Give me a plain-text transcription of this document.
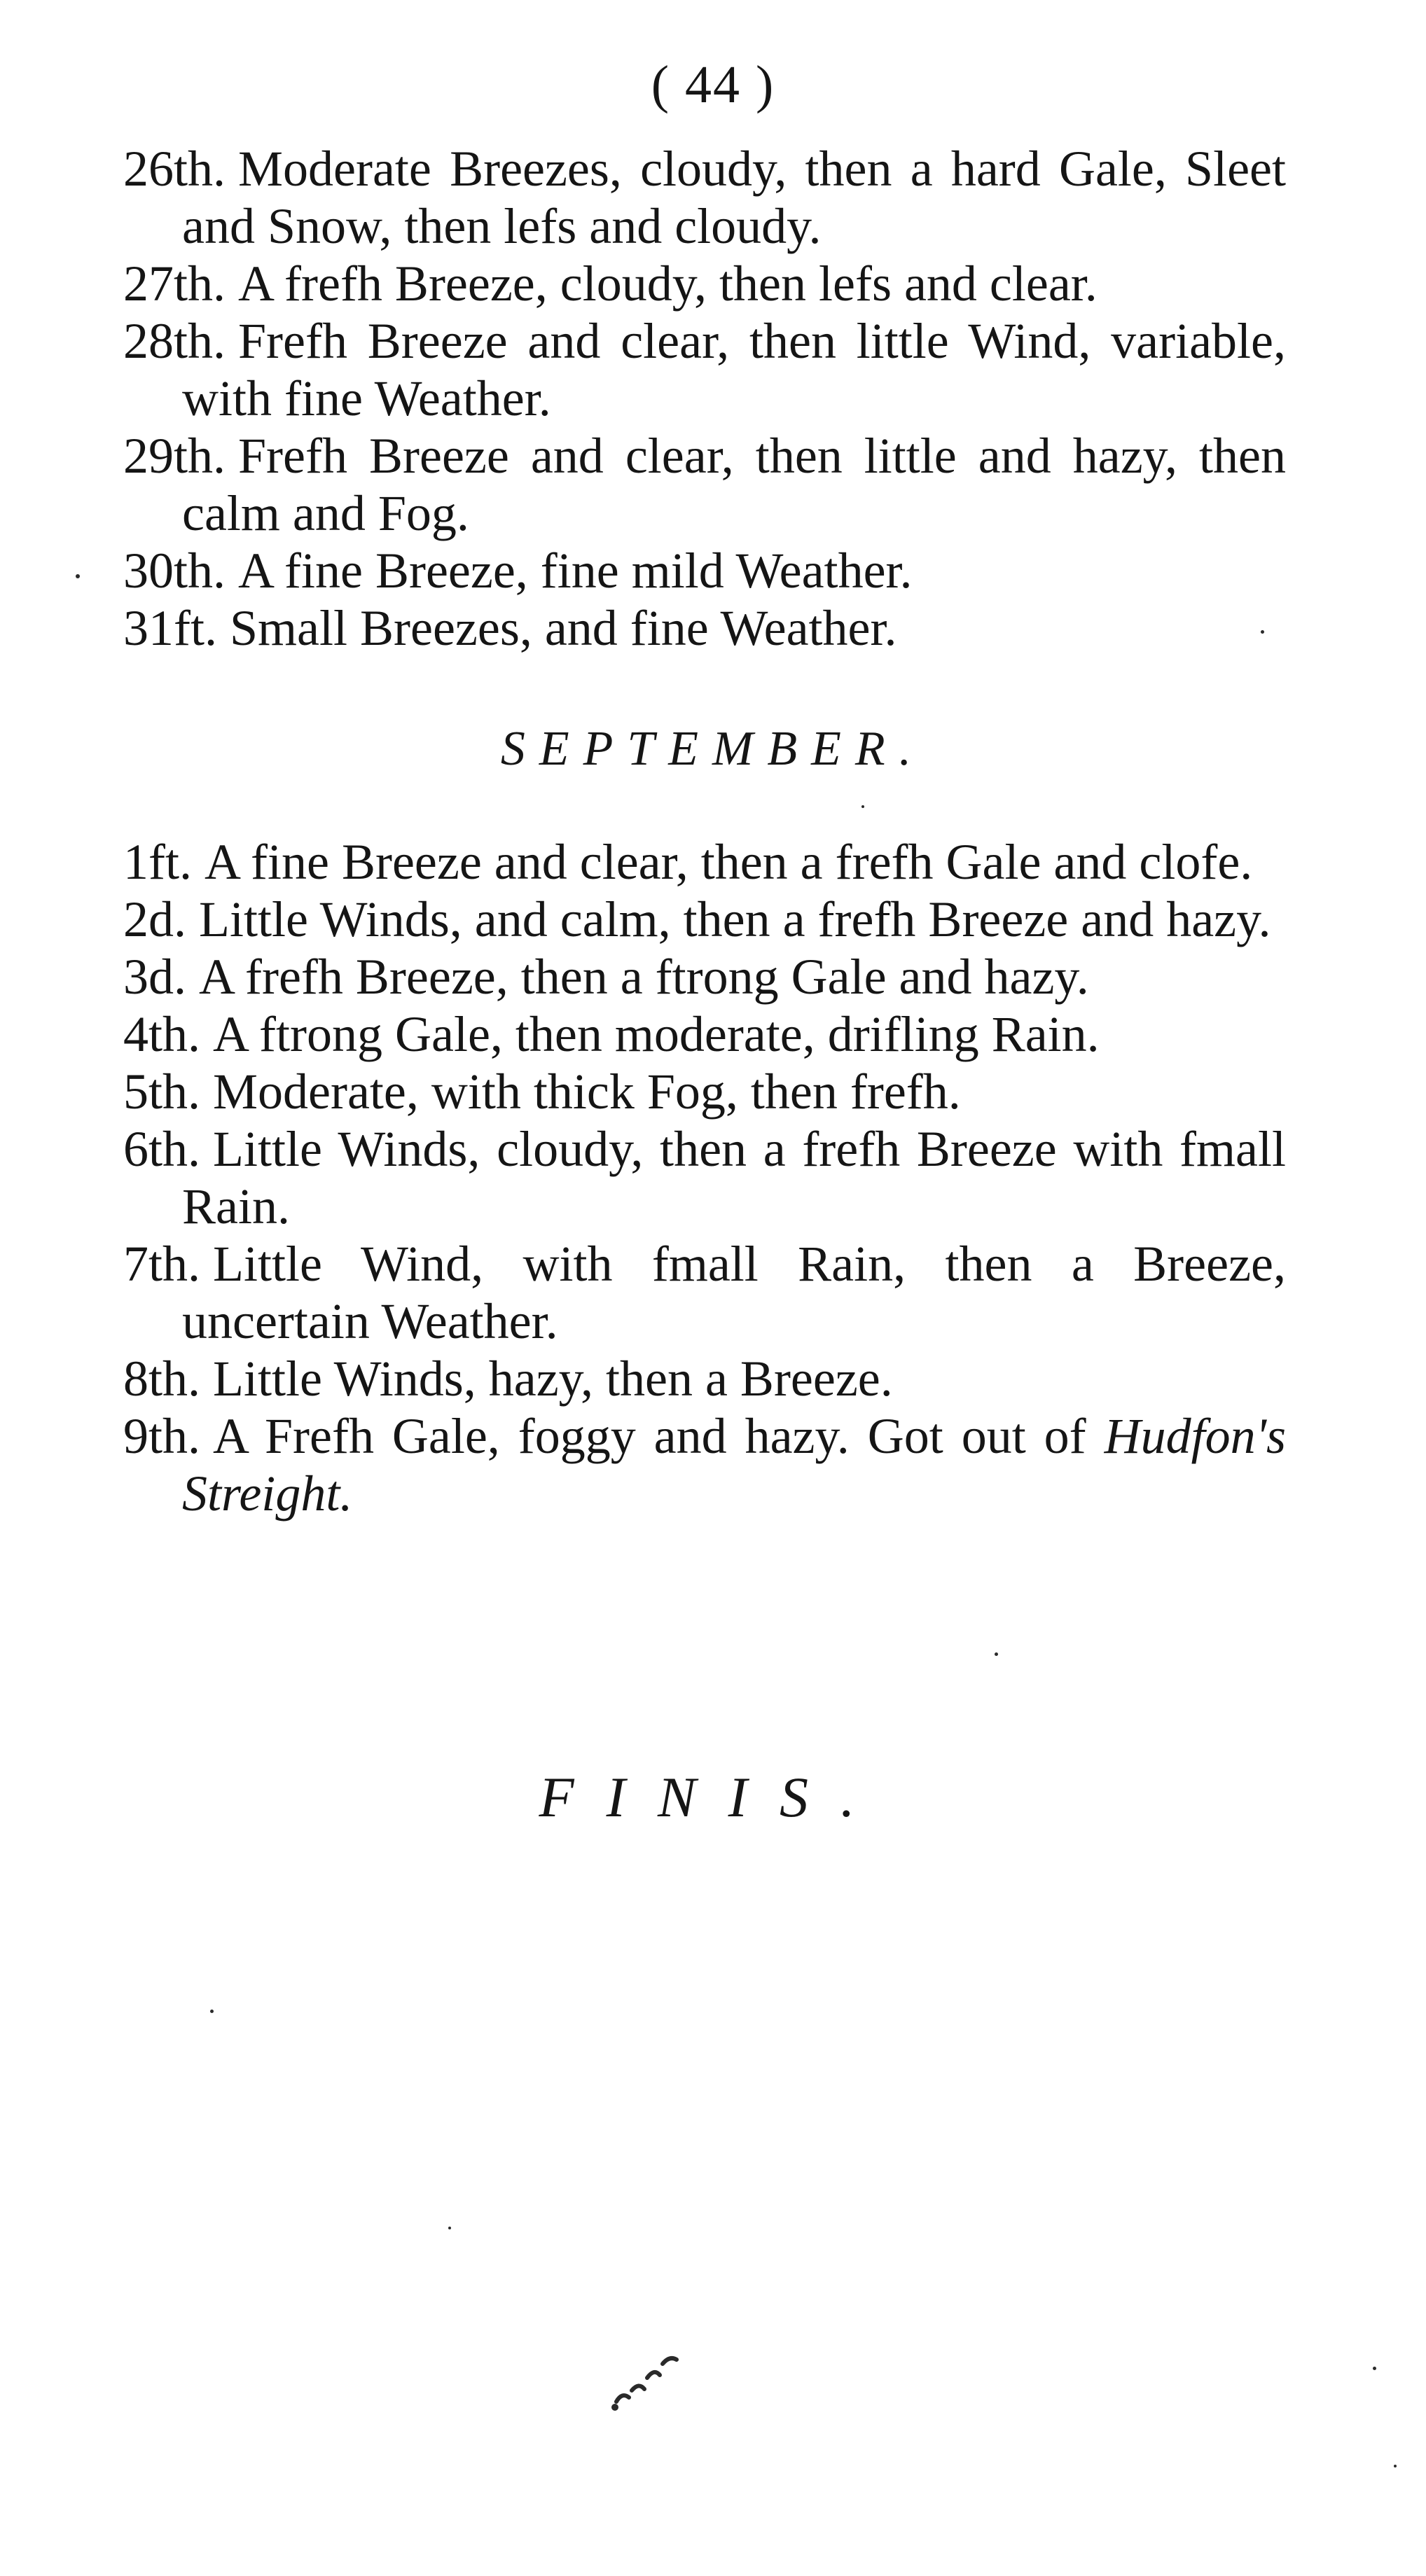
( 44 )

26th. Moderate Breezes, cloudy, then a hard Gale, Sleet and Snow, then lefs and cloudy.

27th. A frefh Breeze, cloudy, then lefs and clear.

28th. Frefh Breeze and clear, then little Wind, variable, with fine Weather.

29th. Frefh Breeze and clear, then little and hazy, then calm and Fog.

30th. A fine Breeze, fine mild Weather.

31ft. Small Breezes, and fine Weather.

SEPTEMBER.

1ft. A fine Breeze and clear, then a frefh Gale and clofe.

2d. Little Winds, and calm, then a frefh Breeze and hazy.

3d. A frefh Breeze, then a ftrong Gale and hazy.

4th. A ftrong Gale, then moderate, drifling Rain.

5th. Moderate, with thick Fog, then frefh.

6th. Little Winds, cloudy, then a frefh Breeze with fmall Rain.

7th. Little Wind, with fmall Rain, then a Breeze, uncertain Weather.

8th. Little Winds, hazy, then a Breeze.

9th. A Frefh Gale, foggy and hazy. Got out of Hudfon's Streight.

FINIS.
